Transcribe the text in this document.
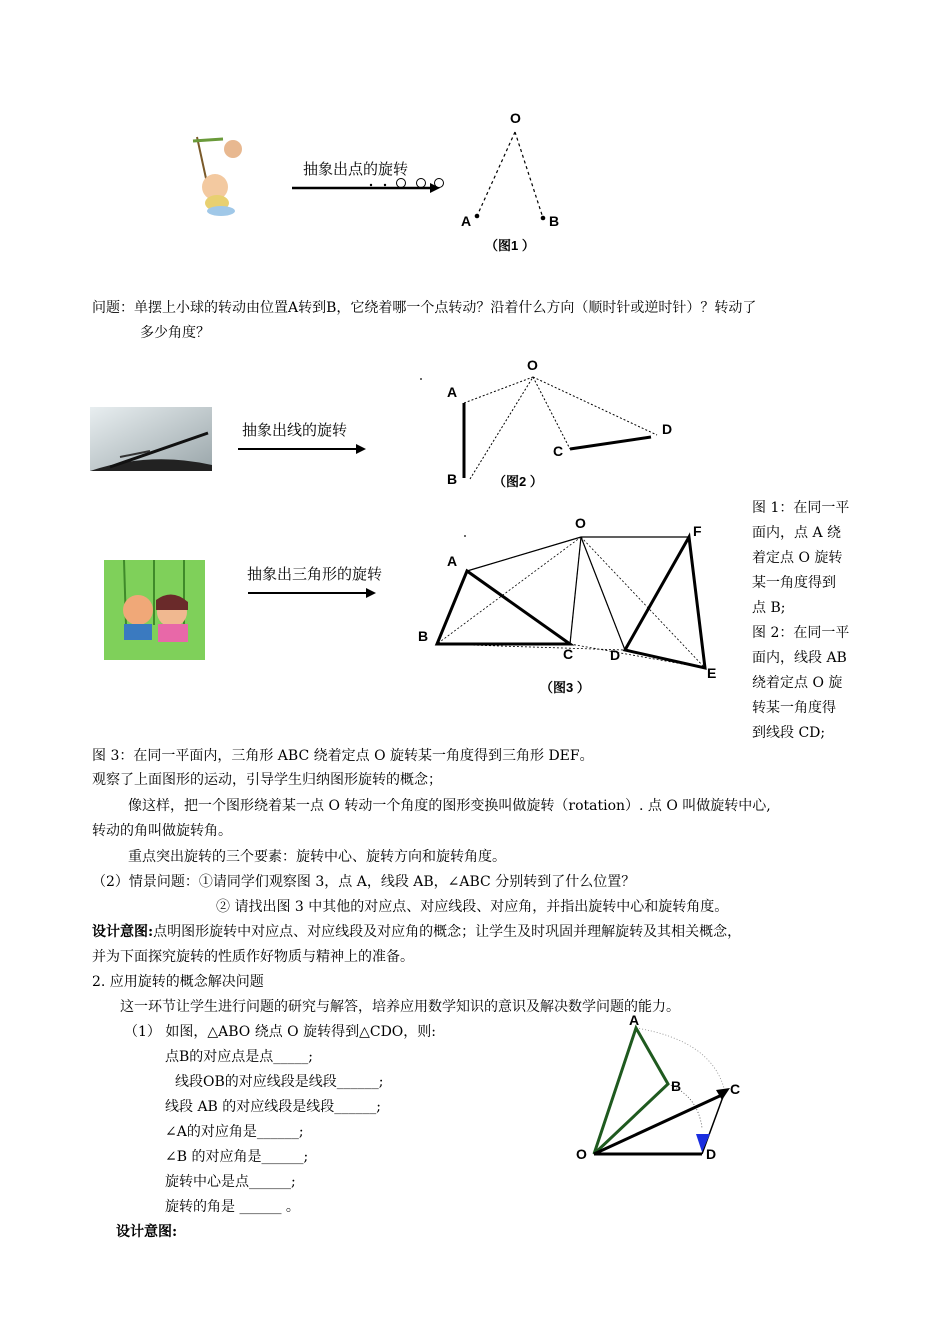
抽象出点的旋转
O
A	B
（图1 ）
问题：单摆上小球的转动由位置A转到B，它绕着哪一个点转动？沿着什么方向（顺时针或逆时针）？转动了
多少角度？
抽象出线的旋转
O
A
B
C
D
（图2 ）
抽象出三角形的旋转
O
A
B
C	D
E
F
（图3 ）
图 1：在同一平
面内，点 A 绕
着定点 O 旋转
某一角度得到
点 B;
图 2：在同一平
面内，线段 AB
绕着定点 O 旋
转某一角度得
到线段 CD;
图 3：在同一平面内，三角形 ABC 绕着定点 O 旋转某一角度得到三角形 DEF。
观察了上面图形的运动，引导学生归纳图形旋转的概念；
像这样，把一个图形绕着某一点 O 转动一个角度的图形变换叫做旋转（rotation）. 点 O 叫做旋转中心,
转动的角叫做旋转角。
重点突出旋转的三个要素：旋转中心、旋转方向和旋转角度。
（2）情景问题：①请同学们观察图 3，点 A，线段 AB，∠ABC 分别转到了什么位置？
② 请找出图 3 中其他的对应点、对应线段、对应角，并指出旋转中心和旋转角度。
设计意图:点明图形旋转中对应点、对应线段及对应角的概念；让学生及时巩固并理解旋转及其相关概念，
并为下面探究旋转的性质作好物质与精神上的准备。
2. 应用旋转的概念解决问题
这一环节让学生进行问题的研究与解答，培养应用数学知识的意识及解决数学问题的能力。
（1） 如图，△ABO 绕点 O 旋转得到△CDO，则:
点B的对应点是点_____;
线段OB的对应线段是线段______;
线段 AB 的对应线段是线段______;
∠A的对应角是______;
∠B 的对应角是______;
旋转中心是点______;
旋转的角是 ______ 。
设计意图:
A
B	C
D
O
